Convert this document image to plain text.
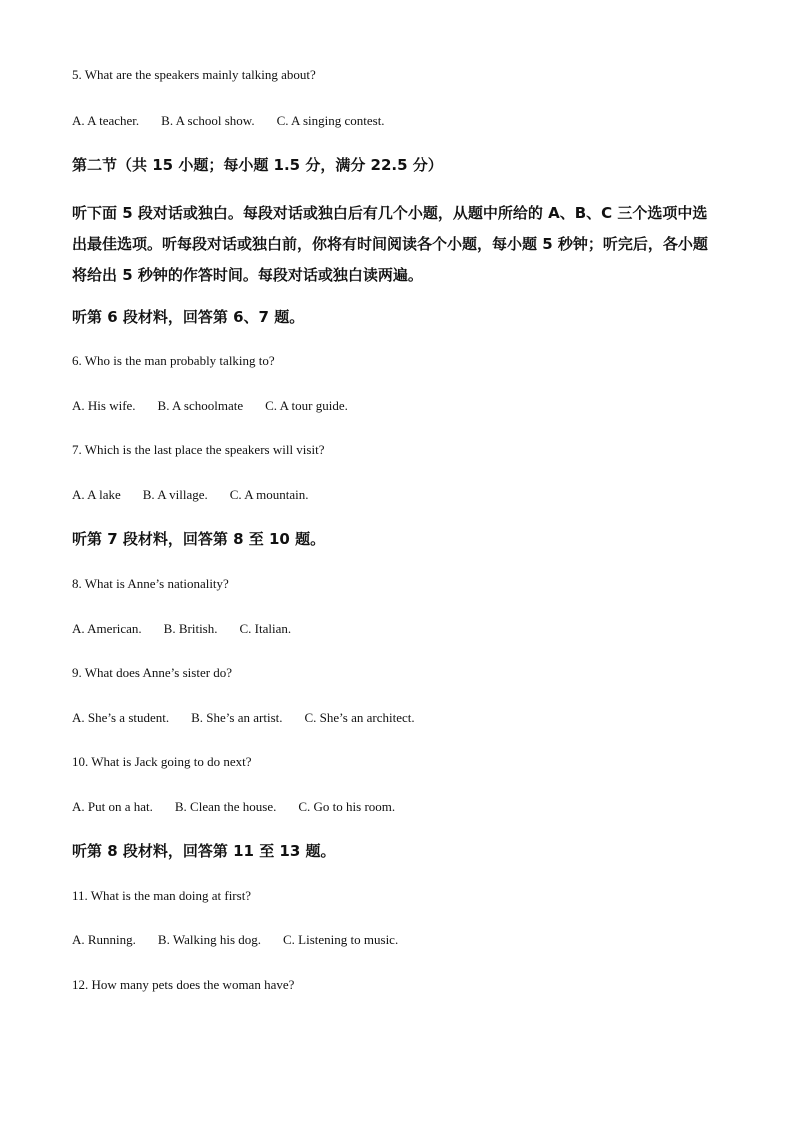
5. What are the speakers mainly talking about?
A. A teacher. B. A school show. C. A singing contest.
第二节（共 15 小题；每小题 1.5 分，满分 22.5 分）
听下面 5 段对话或独白。每段对话或独白后有几个小题，从题中所给的 A、B、C 三个选项中选出最佳选项。听每段对话或独白前，你将有时间阅读各个小题，每小题 5 秒钟；听完后，各小题将给出 5 秒钟的作答时间。每段对话或独白读两遍。
听第 6 段材料，回答第 6、7 题。
6. Who is the man probably talking to?
A. His wife. B. A schoolmate C. A tour guide.
7. Which is the last place the speakers will visit?
A. A lake B. A village. C. A mountain.
听第 7 段材料，回答第 8 至 10 题。
8. What is Anne’s nationality?
A. American. B. British. C. Italian.
9. What does Anne’s sister do?
A. She’s a student. B. She’s an artist. C. She’s an architect.
10. What is Jack going to do next?
A. Put on a hat. B. Clean the house. C. Go to his room.
听第 8 段材料，回答第 11 至 13 题。
11. What is the man doing at first?
A. Running. B. Walking his dog. C. Listening to music.
12. How many pets does the woman have?
